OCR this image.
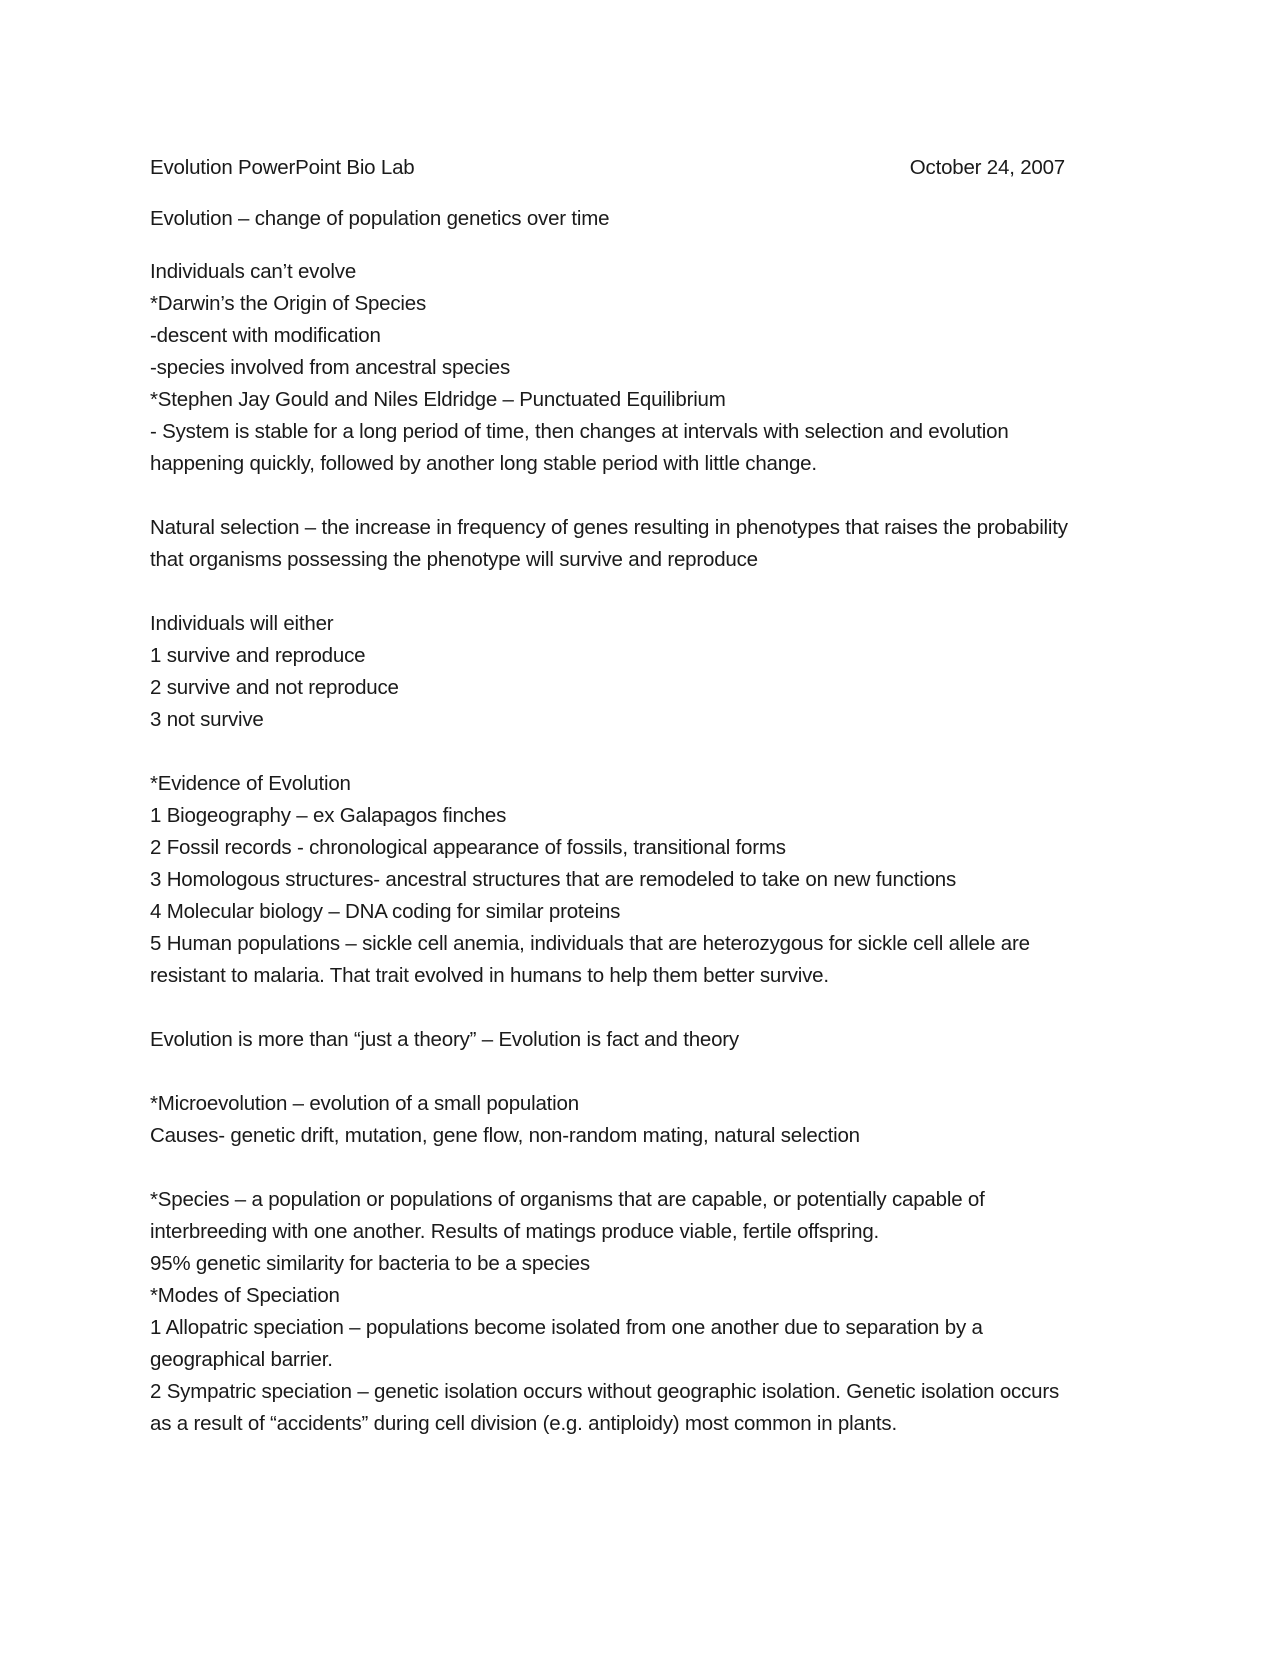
Evolution PowerPoint Bio Lab	October 24, 2007
Evolution – change of population genetics over time
Individuals can’t evolve
*Darwin’s the Origin of Species
-descent with modification
-species involved from ancestral species
*Stephen Jay Gould and Niles Eldridge – Punctuated Equilibrium
- System is stable for a long period of time, then changes at intervals with selection and evolution
happening quickly, followed by another long stable period with little change.
Natural selection – the increase in frequency of genes resulting in phenotypes that raises the probability
that organisms possessing the phenotype will survive and reproduce
Individuals will either
1 survive and reproduce
2 survive and not reproduce
3 not survive
*Evidence of Evolution
1 Biogeography – ex Galapagos finches
2 Fossil records - chronological appearance of fossils, transitional forms
3 Homologous structures- ancestral structures that are remodeled to take on new functions
4 Molecular biology – DNA coding for similar proteins
5 Human populations – sickle cell anemia, individuals that are heterozygous for sickle cell allele are
resistant to malaria. That trait evolved in humans to help them better survive.
Evolution is more than “just a theory” – Evolution is fact and theory
*Microevolution – evolution of a small population
Causes- genetic drift, mutation, gene flow, non-random mating, natural selection
*Species – a population or populations of organisms that are capable, or potentially capable of
interbreeding with one another. Results of matings produce viable, fertile offspring.
95% genetic similarity for bacteria to be a species
*Modes of Speciation
1 Allopatric speciation – populations become isolated from one another due to separation by a
geographical barrier.
2 Sympatric speciation – genetic isolation occurs without geographic isolation. Genetic isolation occurs
as a result of “accidents” during cell division (e.g. antiploidy) most common in plants.
